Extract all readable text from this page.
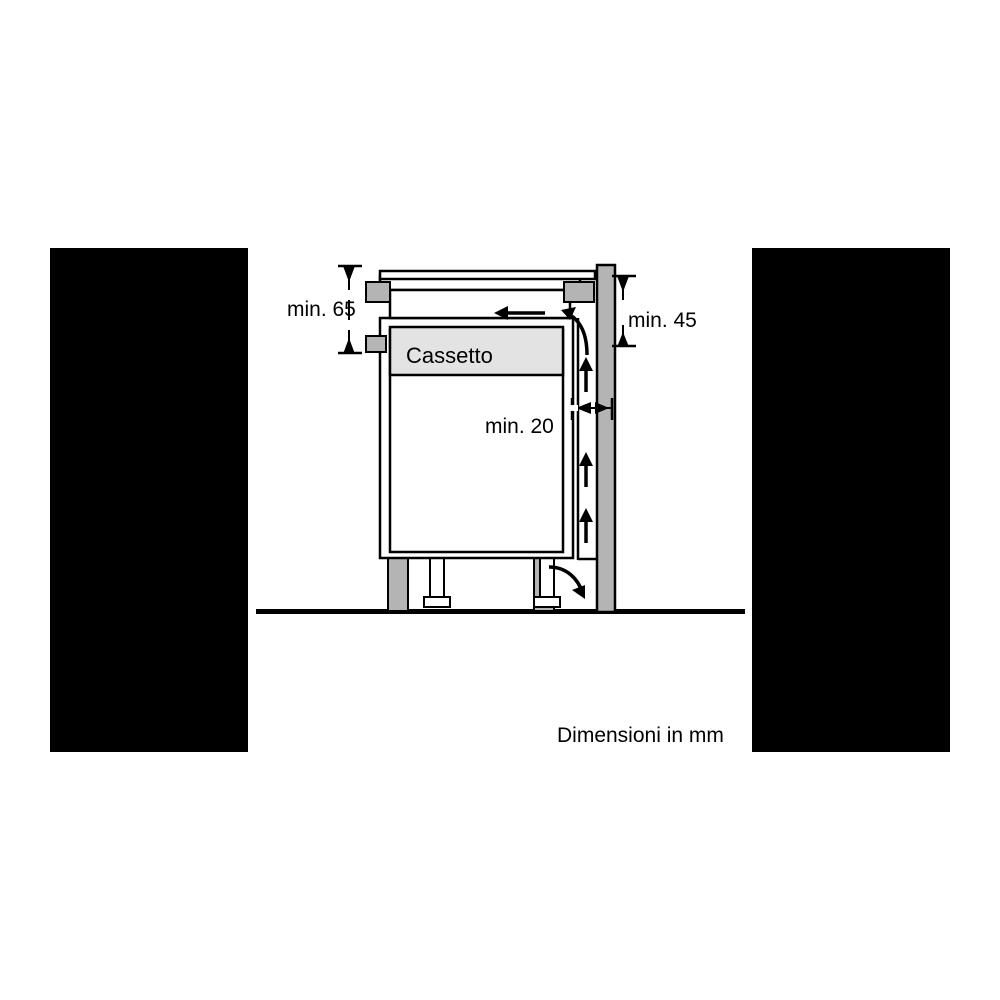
min. 65	min. 45
min. 20
Cassetto
Dimensioni in mm
